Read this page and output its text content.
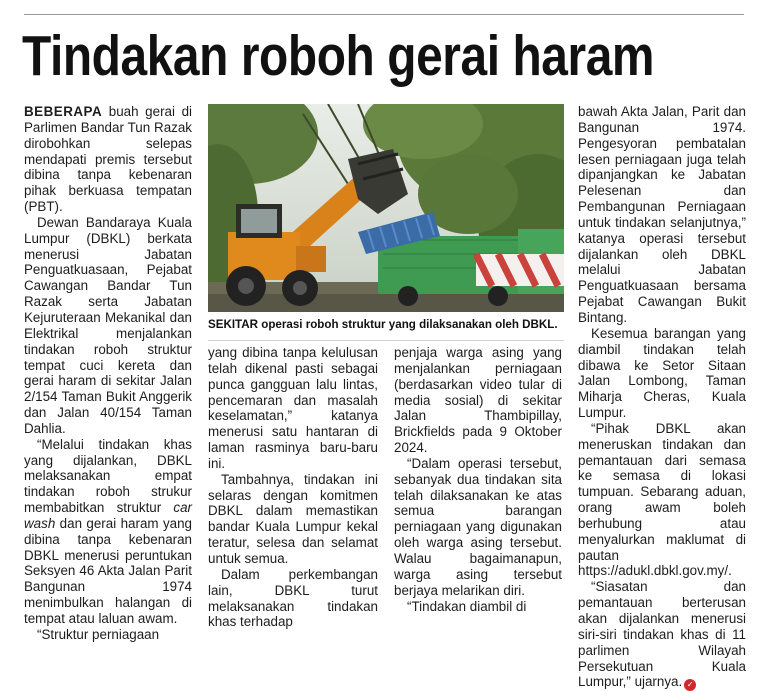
Tindakan roboh gerai haram

BEBERAPA buah gerai di Parlimen Bandar Tun Razak dirobohkan selepas mendapati premis tersebut dibina tanpa kebenaran pihak berkuasa tempatan (PBT).

Dewan Bandaraya Kuala Lumpur (DBKL) berkata menerusi Jabatan Penguatkuasaan, Pejabat Cawangan Bandar Tun Razak serta Jabatan Kejuruteraan Mekanikal dan Elektrikal menjalankan tindakan roboh struktur tempat cuci kereta dan gerai haram di sekitar Jalan 2/154 Taman Bukit Anggerik dan Jalan 40/154 Taman Dahlia.

“Melalui tindakan khas yang dijalankan, DBKL melaksanakan empat tindakan roboh strukur membabitkan struktur car wash dan gerai haram yang dibina tanpa kebenaran DBKL menerusi peruntukan Seksyen 46 Akta Jalan Parit Bangunan 1974 menimbulkan halangan di tempat atau laluan awam.

“Struktur perniagaan

SEKITAR operasi roboh struktur yang dilaksanakan oleh DBKL.

yang dibina tanpa kelulusan telah dikenal pasti sebagai punca gangguan lalu lintas, pencemaran dan masalah keselamatan,” katanya menerusi satu hantaran di laman rasminya baru-baru ini.

Tambahnya, tindakan ini selaras dengan komitmen DBKL dalam memastikan bandar Kuala Lumpur kekal teratur, selesa dan selamat untuk semua.

Dalam perkembangan lain, DBKL turut melaksanakan tindakan khas terhadap

penjaja warga asing yang menjalankan perniagaan (berdasarkan video tular di media sosial) di sekitar Jalan Thambipillay, Brickfields pada 9 Oktober 2024.

“Dalam operasi tersebut, sebanyak dua tindakan sita telah dilaksanakan ke atas semua barangan perniagaan yang digunakan oleh warga asing tersebut. Walau bagaimanapun, warga asing tersebut berjaya melarikan diri.

“Tindakan diambil di

bawah Akta Jalan, Parit dan Bangunan 1974. Pengesyoran pembatalan lesen perniagaan juga telah dipanjangkan ke Jabatan Pelesenan dan Pembangunan Perniagaan untuk tindakan selanjutnya,” katanya operasi tersebut dijalankan oleh DBKL melalui Jabatan Penguatkuasaan bersama Pejabat Cawangan Bukit Bintang.

Kesemua barangan yang diambil tindakan telah dibawa ke Setor Sitaan Jalan Lombong, Taman Miharja Cheras, Kuala Lumpur.

“Pihak DBKL akan meneruskan tindakan dan pemantauan dari semasa ke semasa di lokasi tumpuan. Sebarang aduan, orang awam boleh berhubung atau menyalurkan maklumat di pautan https://adukl.dbkl.gov.my/.

“Siasatan dan pemantauan berterusan akan dijalankan menerusi siri-siri tindakan khas di 11 parlimen Wilayah Persekutuan Kuala Lumpur,” ujarnya. ✓
